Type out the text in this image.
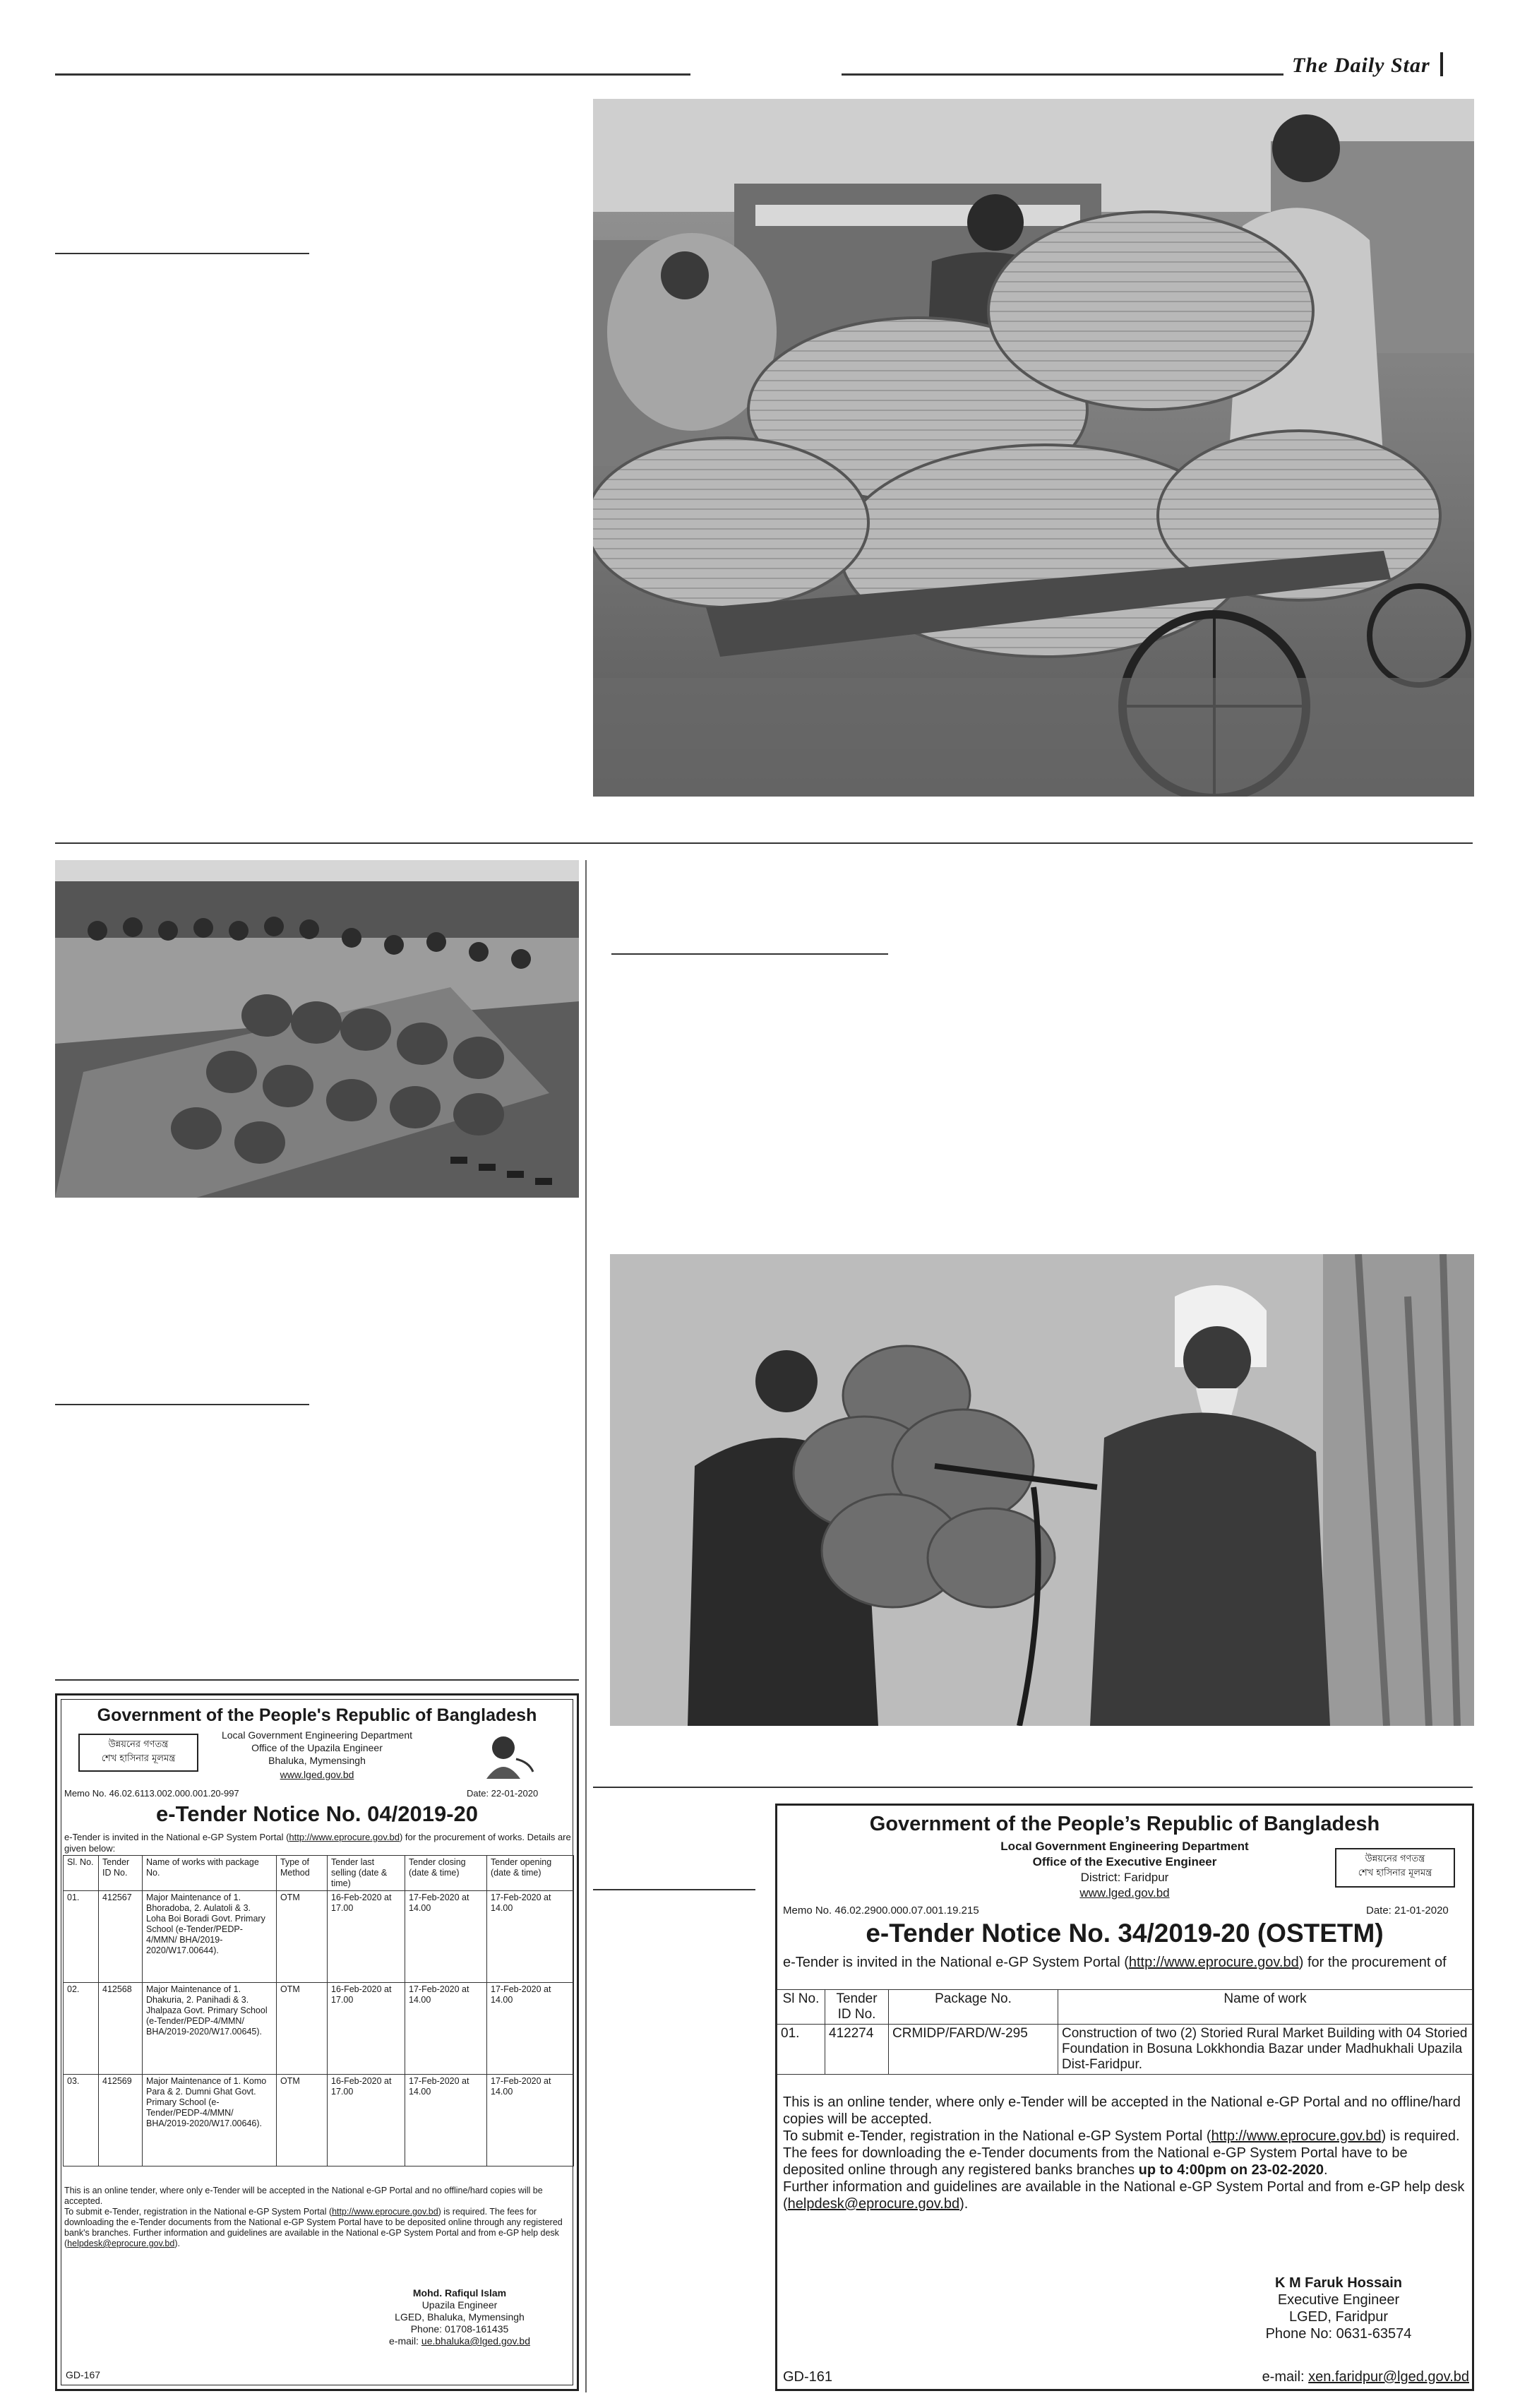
The Daily Star
Government of the People's Republic of Bangladesh
উন্নয়নের গণতন্ত্র
শেখ হাসিনার মূলমন্ত্র
Local Government Engineering Department
Office of the Upazila Engineer
Bhaluka, Mymensingh
www.lged.gov.bd
Memo No. 46.02.6113.002.000.001.20-997	Date: 22-01-2020
e-Tender Notice No. 04/2019-20
e-Tender is invited in the National e-GP System Portal (http://www.eprocure.gov.bd) for the procurement of works. Details are given below:
Sl. No.	Tender ID No.	Name of works with package No.	Type of Method	Tender last selling (date & time)	Tender closing (date & time)	Tender opening (date & time)
01.	412567	Major Maintenance of 1. Bhoradoba, 2. Aulatoli & 3. Loha Boi Boradi Govt. Primary School (e-Tender/PEDP-4/MMN/ BHA/2019-2020/W17.00644).	OTM	16-Feb-2020 at 17.00	17-Feb-2020 at 14.00	17-Feb-2020 at 14.00
02.	412568	Major Maintenance of 1. Dhakuria, 2. Panihadi & 3. Jhalpaza Govt. Primary School (e-Tender/PEDP-4/MMN/ BHA/2019-2020/W17.00645).	OTM	16-Feb-2020 at 17.00	17-Feb-2020 at 14.00	17-Feb-2020 at 14.00
03.	412569	Major Maintenance of 1. Komo Para & 2. Dumni Ghat Govt. Primary School (e-Tender/PEDP-4/MMN/ BHA/2019-2020/W17.00646).	OTM	16-Feb-2020 at 17.00	17-Feb-2020 at 14.00	17-Feb-2020 at 14.00
This is an online tender, where only e-Tender will be accepted in the National e-GP Portal and no offline/hard copies will be accepted.
To submit e-Tender, registration in the National e-GP System Portal (http://www.eprocure.gov.bd) is required. The fees for downloading the e-Tender documents from the National e-GP System Portal have to be deposited online through any registered bank's branches. Further information and guidelines are available in the National e-GP System Portal and from e-GP help desk (helpdesk@eprocure.gov.bd).
Mohd. Rafiqul Islam
Upazila Engineer
LGED, Bhaluka, Mymensingh
Phone: 01708-161435
e-mail: ue.bhaluka@lged.gov.bd
GD-167
Government of the People’s Republic of Bangladesh
Local Government Engineering Department
Office of the Executive Engineer
District: Faridpur
www.lged.gov.bd
উন্নয়নের গণতন্ত্র
শেখ হাসিনার মূলমন্ত্র
Memo No. 46.02.2900.000.07.001.19.215	Date: 21-01-2020
e-Tender Notice No. 34/2019-20 (OSTETM)
e-Tender is invited in the National e-GP System Portal (http://www.eprocure.gov.bd) for the procurement of
Sl No.	Tender ID No.	Package No.	Name of work
01.	412274	CRMIDP/FARD/W-295	Construction of two (2) Storied Rural Market Building with 04 Storied Foundation in Bosuna Lokkhondia Bazar under Madhukhali Upazila Dist-Faridpur.
This is an online tender, where only e-Tender will be accepted in the National e-GP Portal and no offline/hard copies will be accepted.
To submit e-Tender, registration in the National e-GP System Portal (http://www.eprocure.gov.bd) is required.
The fees for downloading the e-Tender documents from the National e-GP System Portal have to be deposited online through any registered banks branches up to 4:00pm on 23-02-2020.
Further information and guidelines are available in the National e-GP System Portal and from e-GP help desk (helpdesk@eprocure.gov.bd).
K M Faruk Hossain
Executive Engineer
LGED, Faridpur
Phone No: 0631-63574
e-mail: xen.faridpur@lged.gov.bd
GD-161
